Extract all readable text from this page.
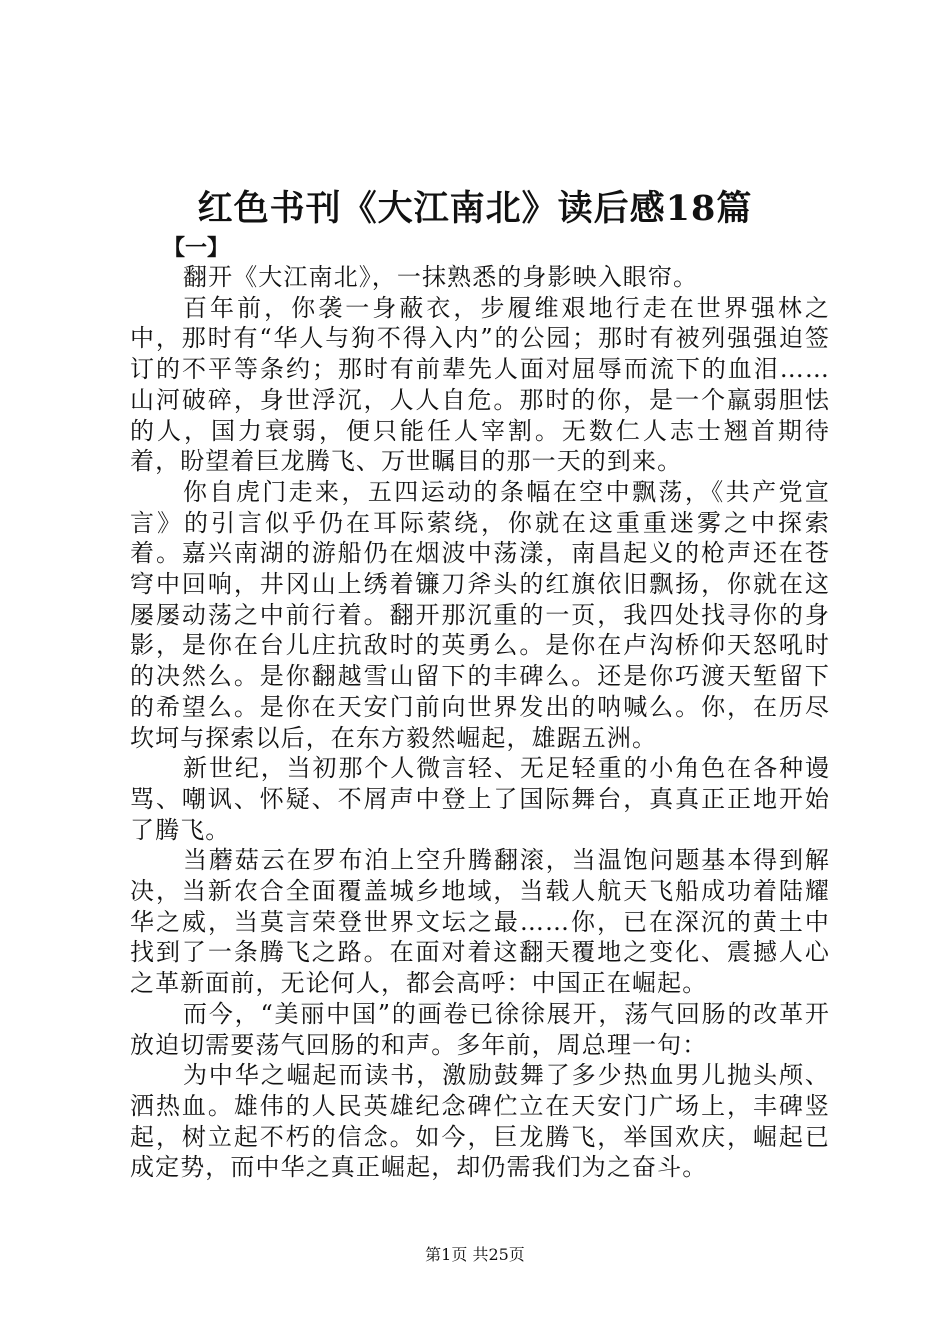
红色书刊《大江南北》读后感18篇
【一】

翻开《大江南北》，一抹熟悉的身影映入眼帘。

百年前，你袭一身蔽衣，步履维艰地行走在世界强林之中，那时有“华人与狗不得入内”的公园；那时有被列强强迫签订的不平等条约；那时有前辈先人面对屈辱而流下的血泪……山河破碎，身世浮沉，人人自危。那时的你，是一个羸弱胆怯的人，国力衰弱，便只能任人宰割。无数仁人志士翘首期待着，盼望着巨龙腾飞、万世瞩目的那一天的到来。

你自虎门走来，五四运动的条幅在空中飘荡，《共产党宣言》的引言似乎仍在耳际萦绕，你就在这重重迷雾之中探索着。嘉兴南湖的游船仍在烟波中荡漾，南昌起义的枪声还在苍穹中回响，井冈山上绣着镰刀斧头的红旗依旧飘扬，你就在这屡屡动荡之中前行着。翻开那沉重的一页，我四处找寻你的身影，是你在台儿庄抗敌时的英勇么。是你在卢沟桥仰天怒吼时的决然么。是你翻越雪山留下的丰碑么。还是你巧渡天堑留下的希望么。是你在天安门前向世界发出的呐喊么。你，在历尽坎坷与探索以后，在东方毅然崛起，雄踞五洲。

新世纪，当初那个人微言轻、无足轻重的小角色在各种谩骂、嘲讽、怀疑、不屑声中登上了国际舞台，真真正正地开始了腾飞。

当蘑菇云在罗布泊上空升腾翻滚，当温饱问题基本得到解决，当新农合全面覆盖城乡地域，当载人航天飞船成功着陆耀华之威，当莫言荣登世界文坛之最……你，已在深沉的黄土中找到了一条腾飞之路。在面对着这翻天覆地之变化、震撼人心之革新面前，无论何人，都会高呼：中国正在崛起。

而今，“美丽中国”的画卷已徐徐展开，荡气回肠的改革开放迫切需要荡气回肠的和声。多年前，周总理一句：

为中华之崛起而读书，激励鼓舞了多少热血男儿抛头颅、洒热血。雄伟的人民英雄纪念碑伫立在天安门广场上，丰碑竖起，树立起不朽的信念。如今，巨龙腾飞，举国欢庆，崛起已成定势，而中华之真正崛起，却仍需我们为之奋斗。

第1页 共25页
